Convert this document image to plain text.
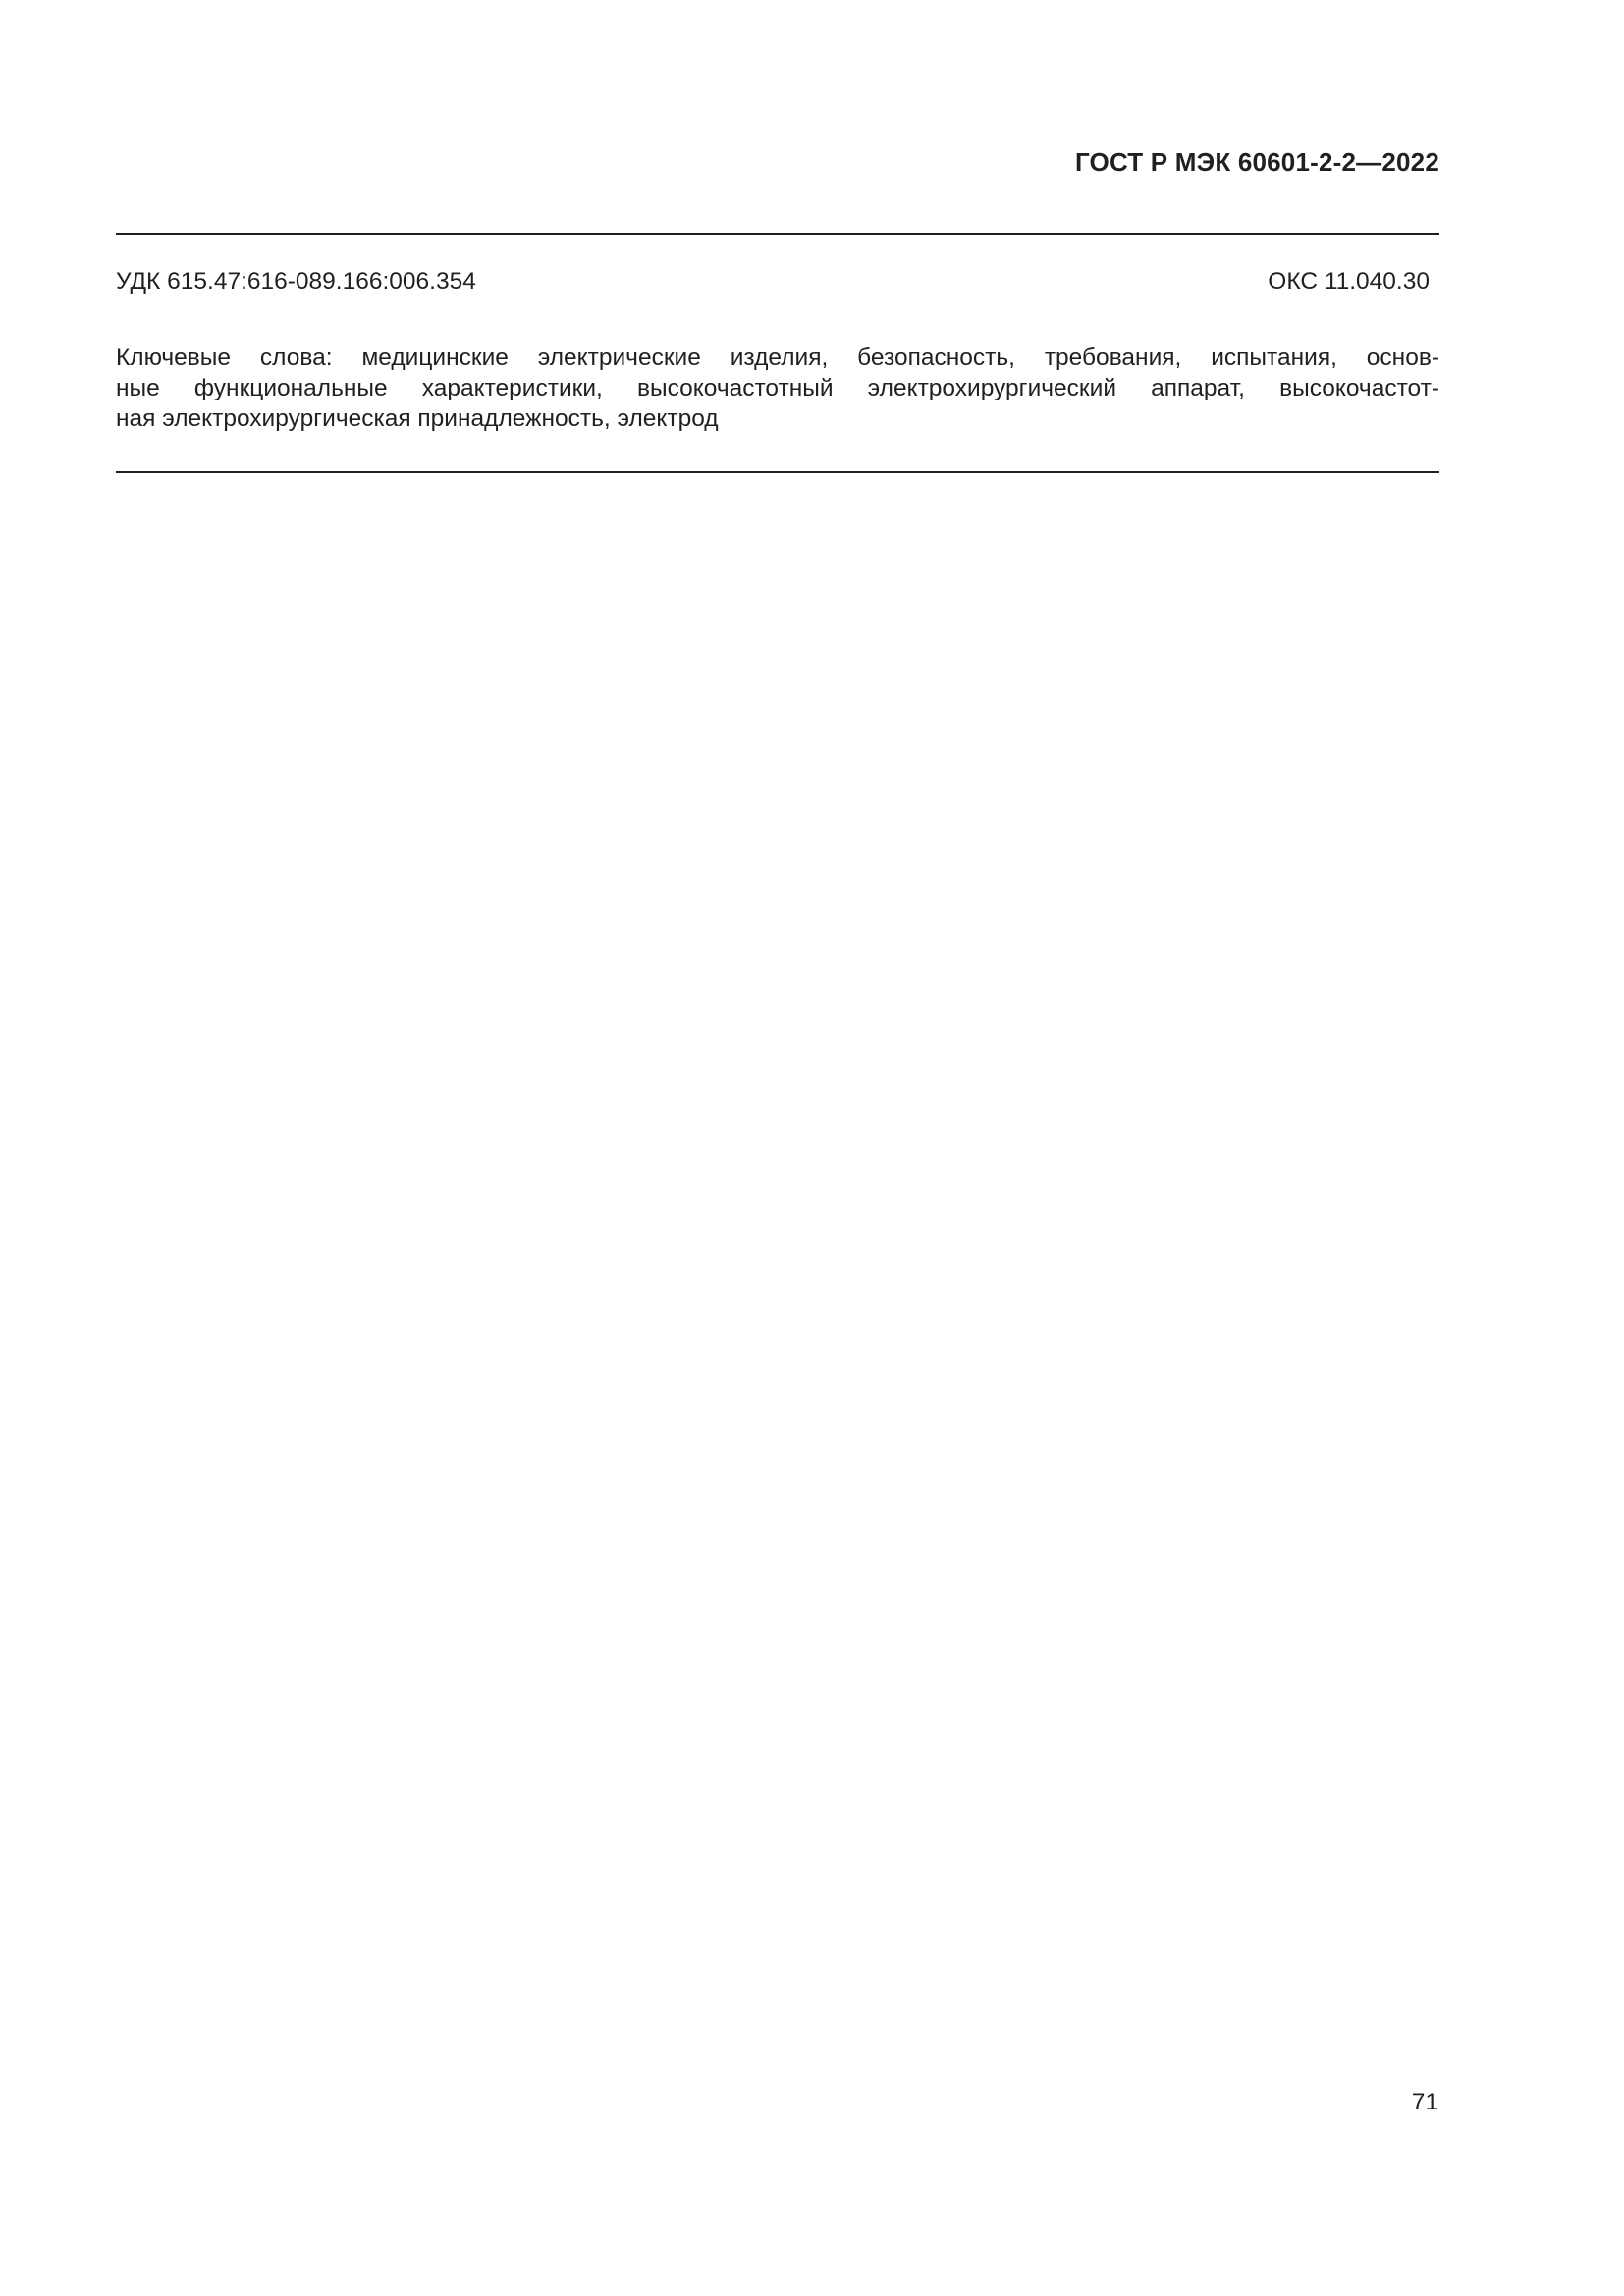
ГОСТ Р МЭК 60601-2-2—2022
УДК 615.47:616-089.166:006.354	ОКС 11.040.30
Ключевые слова: медицинские электрические изделия, безопасность, требования, испытания, основ-
ные функциональные характеристики, высокочастотный электрохирургический аппарат, высокочастот-
ная электрохирургическая принадлежность, электрод
71
